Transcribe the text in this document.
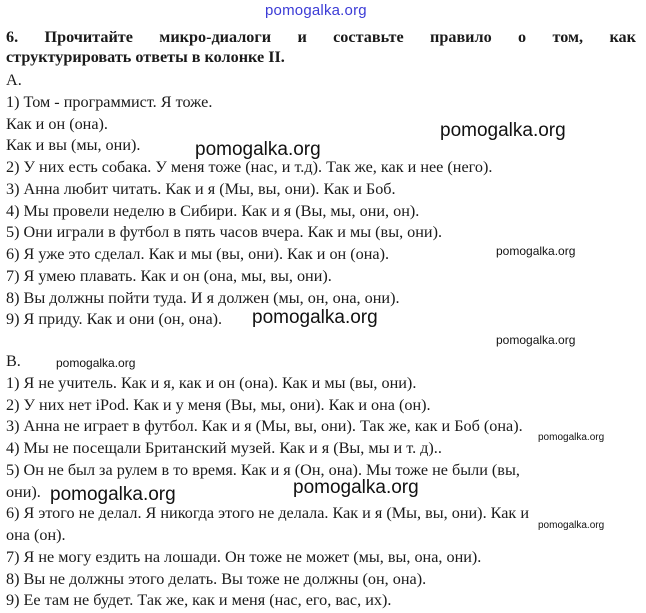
pomogalka.org
6. Прочитайте микро-диалоги и составьте правило о том, как
структурировать ответы в колонке II.
A.
1) Том - программист. Я тоже.
Как и он (она).
Как и вы (мы, они).
2) У них есть собака. У меня тоже (нас, и т.д). Так же, как и нее (него).
3) Анна любит читать. Как и я (Мы, вы, они). Как и Боб.
4) Мы провели неделю в Сибири. Как и я (Вы, мы, они, он).
5) Они играли в футбол в пять часов вчера. Как и мы (вы, они).
6) Я уже это сделал. Как и мы (вы, они). Как и он (она).
7) Я умею плавать. Как и он (она, мы, вы, они).
8) Вы должны пойти туда. И я должен (мы, он, она, они).
9) Я приду. Как и они (он, она).
B.
1) Я не учитель. Как и я, как и он (она). Как и мы (вы, они).
2) У них нет iPod. Как и у меня (Вы, мы, они). Как и она (он).
3) Анна не играет в футбол. Как и я (Мы, вы, они). Так же, как и Боб (она).
4) Мы не посещали Британский музей. Как и я (Вы, мы и т. д)..
5) Он не был за рулем в то время. Как и я (Он, она). Мы тоже не были (вы,
они).
6) Я этого не делал. Я никогда этого не делала. Как и я (Мы, вы, они). Как и
она (он).
7) Я не могу ездить на лошади. Он тоже не может (мы, вы, она, они).
8) Вы не должны этого делать. Вы тоже не должны (он, она).
9) Ее там не будет. Так же, как и меня (нас, его, вас, их).
pomogalka.org
pomogalka.org
pomogalka.org
pomogalka.org
pomogalka.org
pomogalka.org
pomogalka.org
pomogalka.org
pomogalka.org
pomogalka.org
